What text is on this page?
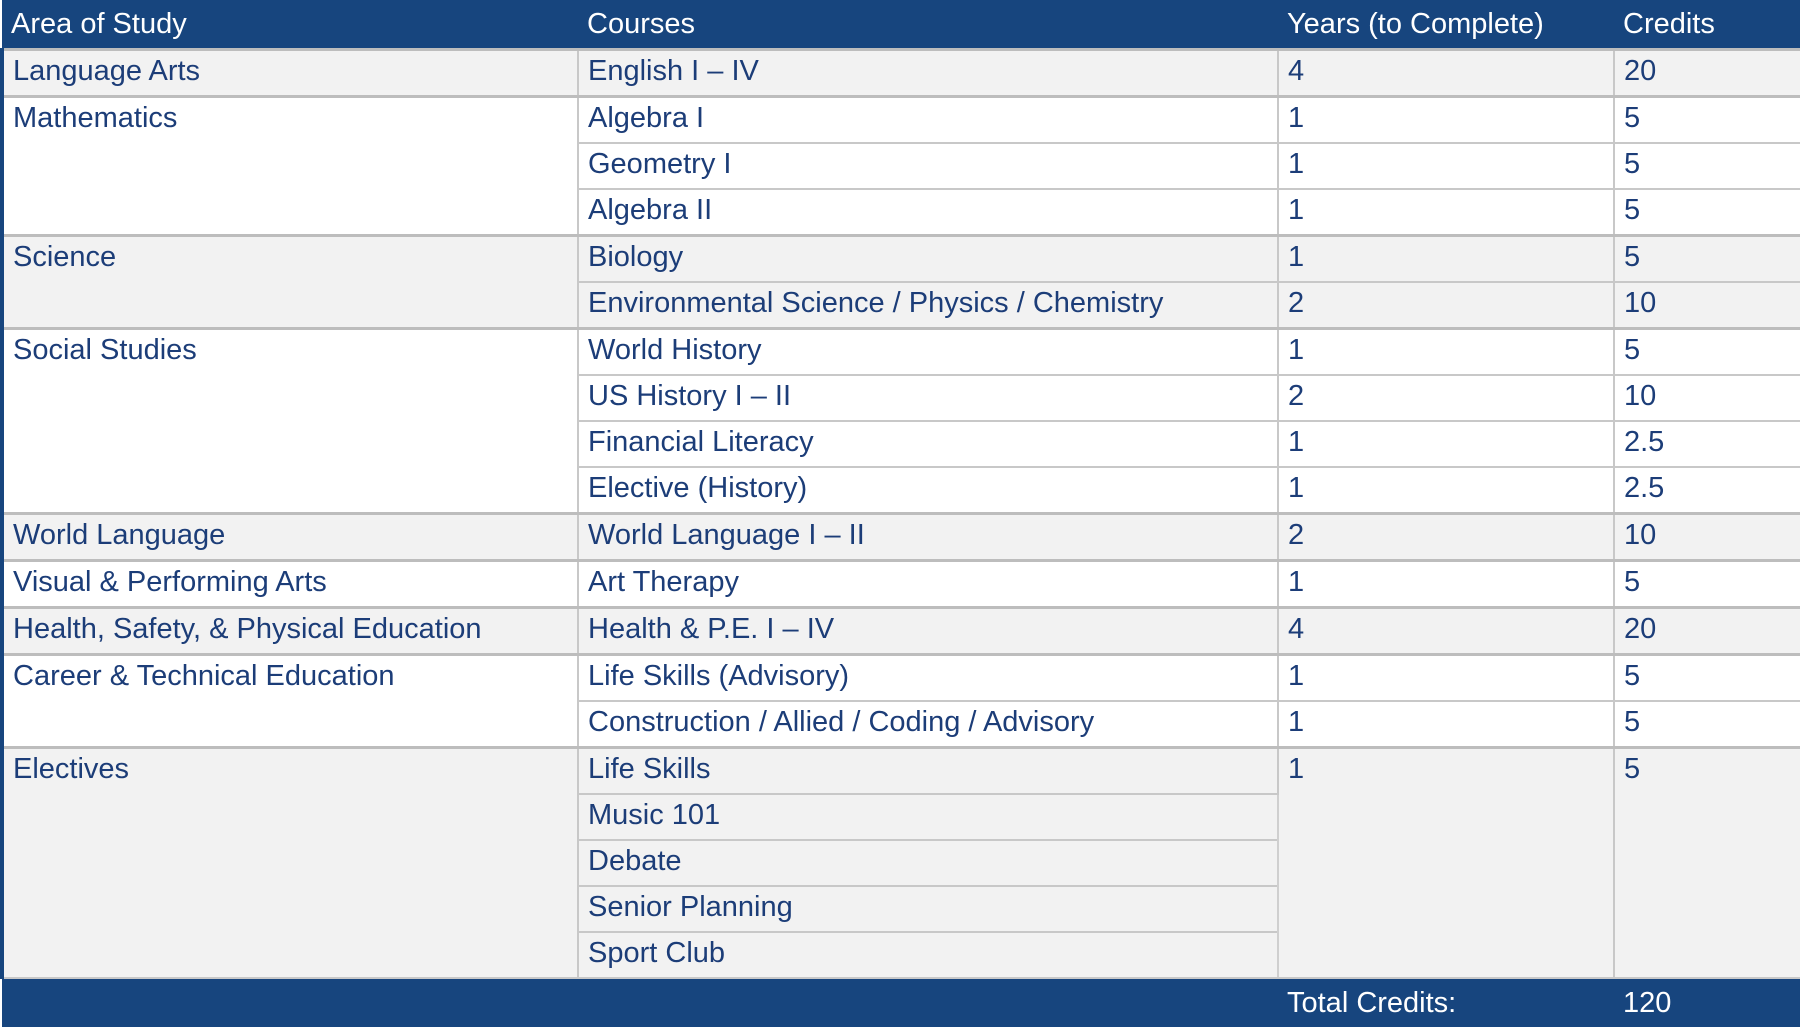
Area of Study	Courses	Years (to Complete)	Credits
Language Arts	English I – IV	4	20
Mathematics	Algebra I	1	5
	Geometry I	1	5
	Algebra II	1	5
Science	Biology	1	5
	Environmental Science / Physics / Chemistry	2	10
Social Studies	World History	1	5
	US History I – II	2	10
	Financial Literacy	1	2.5
	Elective (History)	1	2.5
World Language	World Language I – II	2	10
Visual & Performing Arts	Art Therapy	1	5
Health, Safety, & Physical Education	Health & P.E. I – IV	4	20
Career & Technical Education	Life Skills (Advisory)	1	5
	Construction / Allied / Coding / Advisory	1	5
Electives	Life Skills	1	5
	Music 101		
	Debate		
	Senior Planning		
	Sport Club		
		Total Credits:	120
